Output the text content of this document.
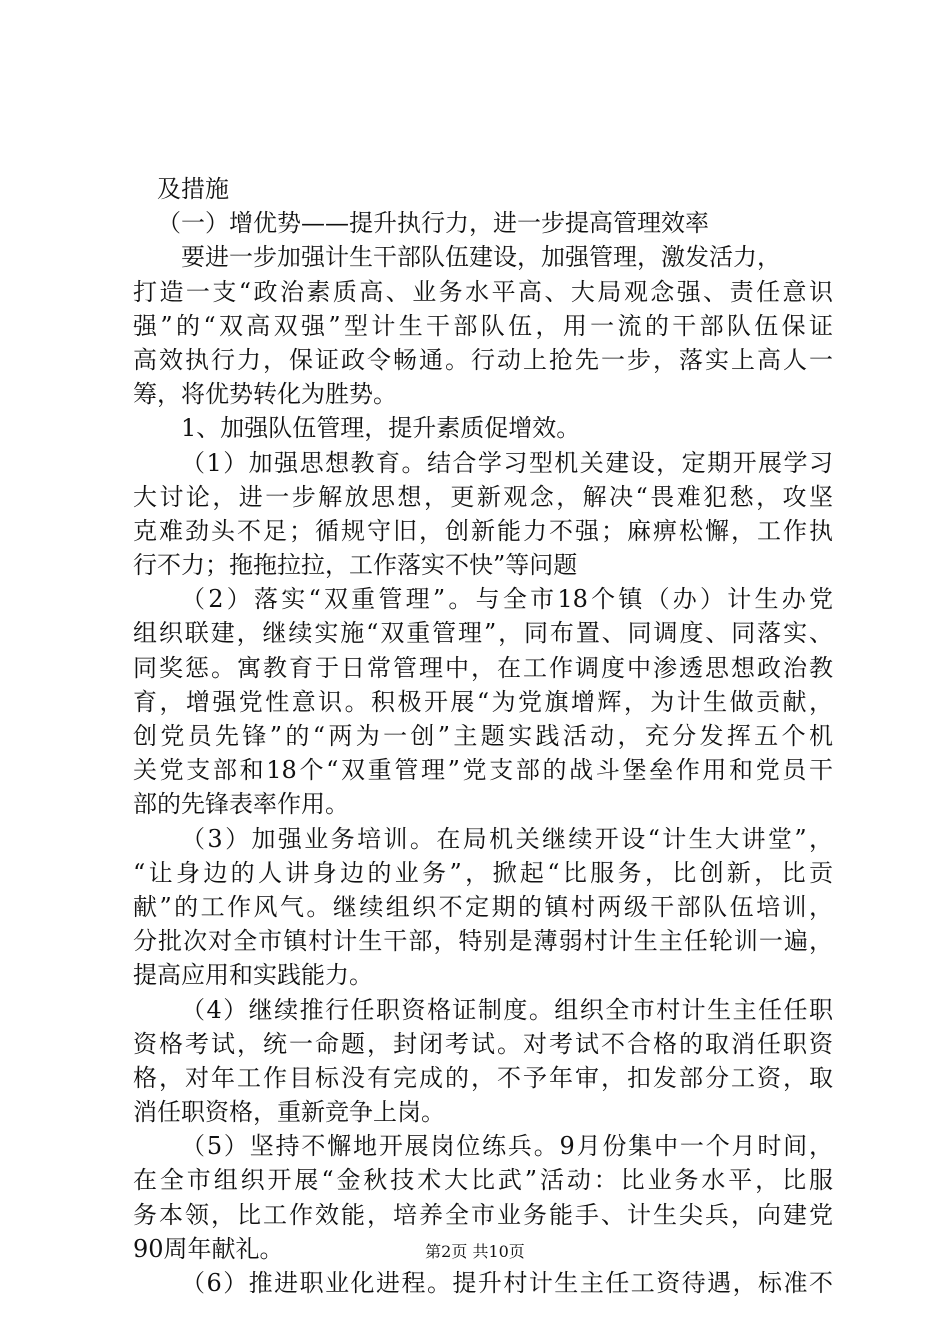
及措施
（一）增优势——提升执行力，进一步提高管理效率
要进一步加强计生干部队伍建设，加强管理，激发活力，
打造一支“政治素质高、业务水平高、大局观念强、责任意识
强”的“双高双强”型计生干部队伍，用一流的干部队伍保证
高效执行力，保证政令畅通。行动上抢先一步，落实上高人一
筹，将优势转化为胜势。
1、加强队伍管理，提升素质促增效。
（1）加强思想教育。结合学习型机关建设，定期开展学习
大讨论，进一步解放思想，更新观念，解决“畏难犯愁，攻坚
克难劲头不足；循规守旧，创新能力不强；麻痹松懈，工作执
行不力；拖拖拉拉，工作落实不快”等问题
（2）落实“双重管理”。与全市18个镇（办）计生办党
组织联建，继续实施“双重管理”，同布置、同调度、同落实、
同奖惩。寓教育于日常管理中，在工作调度中渗透思想政治教
育，增强党性意识。积极开展“为党旗增辉，为计生做贡献，
创党员先锋”的“两为一创”主题实践活动，充分发挥五个机
关党支部和18个“双重管理”党支部的战斗堡垒作用和党员干
部的先锋表率作用。
（3）加强业务培训。在局机关继续开设“计生大讲堂”，
“让身边的人讲身边的业务”，掀起“比服务，比创新，比贡
献”的工作风气。继续组织不定期的镇村两级干部队伍培训，
分批次对全市镇村计生干部，特别是薄弱村计生主任轮训一遍，
提高应用和实践能力。
（4）继续推行任职资格证制度。组织全市村计生主任任职
资格考试，统一命题，封闭考试。对考试不合格的取消任职资
格，对年工作目标没有完成的，不予年审，扣发部分工资，取
消任职资格，重新竞争上岗。
（5）坚持不懈地开展岗位练兵。9月份集中一个月时间，
在全市组织开展“金秋技术大比武”活动：比业务水平，比服
务本领，比工作效能，培养全市业务能手、计生尖兵，向建党
90周年献礼。
（6）推进职业化进程。提升村计生主任工资待遇，标准不
第2页 共10页
